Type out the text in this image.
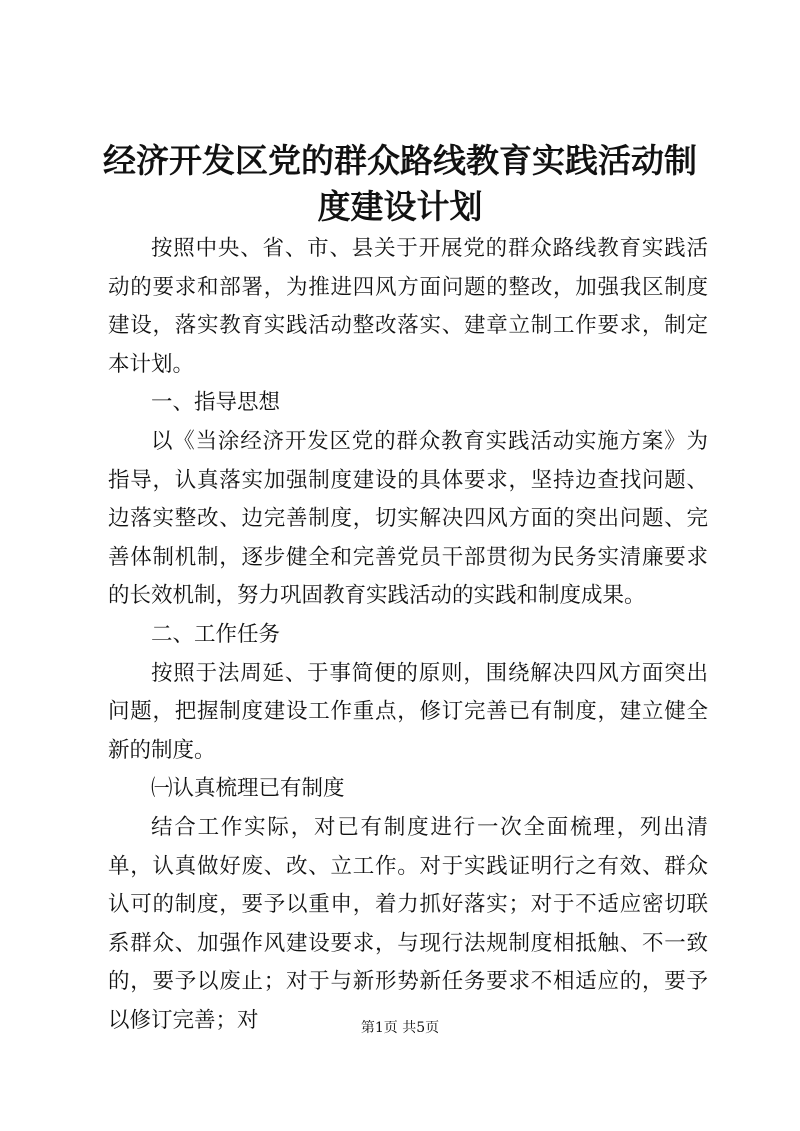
经济开发区党的群众路线教育实践活动制度建设计划

按照中央、省、市、县关于开展党的群众路线教育实践活动的要求和部署，为推进四风方面问题的整改，加强我区制度建设，落实教育实践活动整改落实、建章立制工作要求，制定本计划。

一、指导思想

以《当涂经济开发区党的群众教育实践活动实施方案》为指导，认真落实加强制度建设的具体要求，坚持边查找问题、边落实整改、边完善制度，切实解决四风方面的突出问题、完善体制机制，逐步健全和完善党员干部贯彻为民务实清廉要求的长效机制，努力巩固教育实践活动的实践和制度成果。

二、工作任务

按照于法周延、于事简便的原则，围绕解决四风方面突出问题，把握制度建设工作重点，修订完善已有制度，建立健全新的制度。

㈠认真梳理已有制度

结合工作实际，对已有制度进行一次全面梳理，列出清单，认真做好废、改、立工作。对于实践证明行之有效、群众认可的制度，要予以重申，着力抓好落实；对于不适应密切联系群众、加强作风建设要求，与现行法规制度相抵触、不一致的，要予以废止；对于与新形势新任务要求不相适应的，要予以修订完善；对	第1页 共5页
